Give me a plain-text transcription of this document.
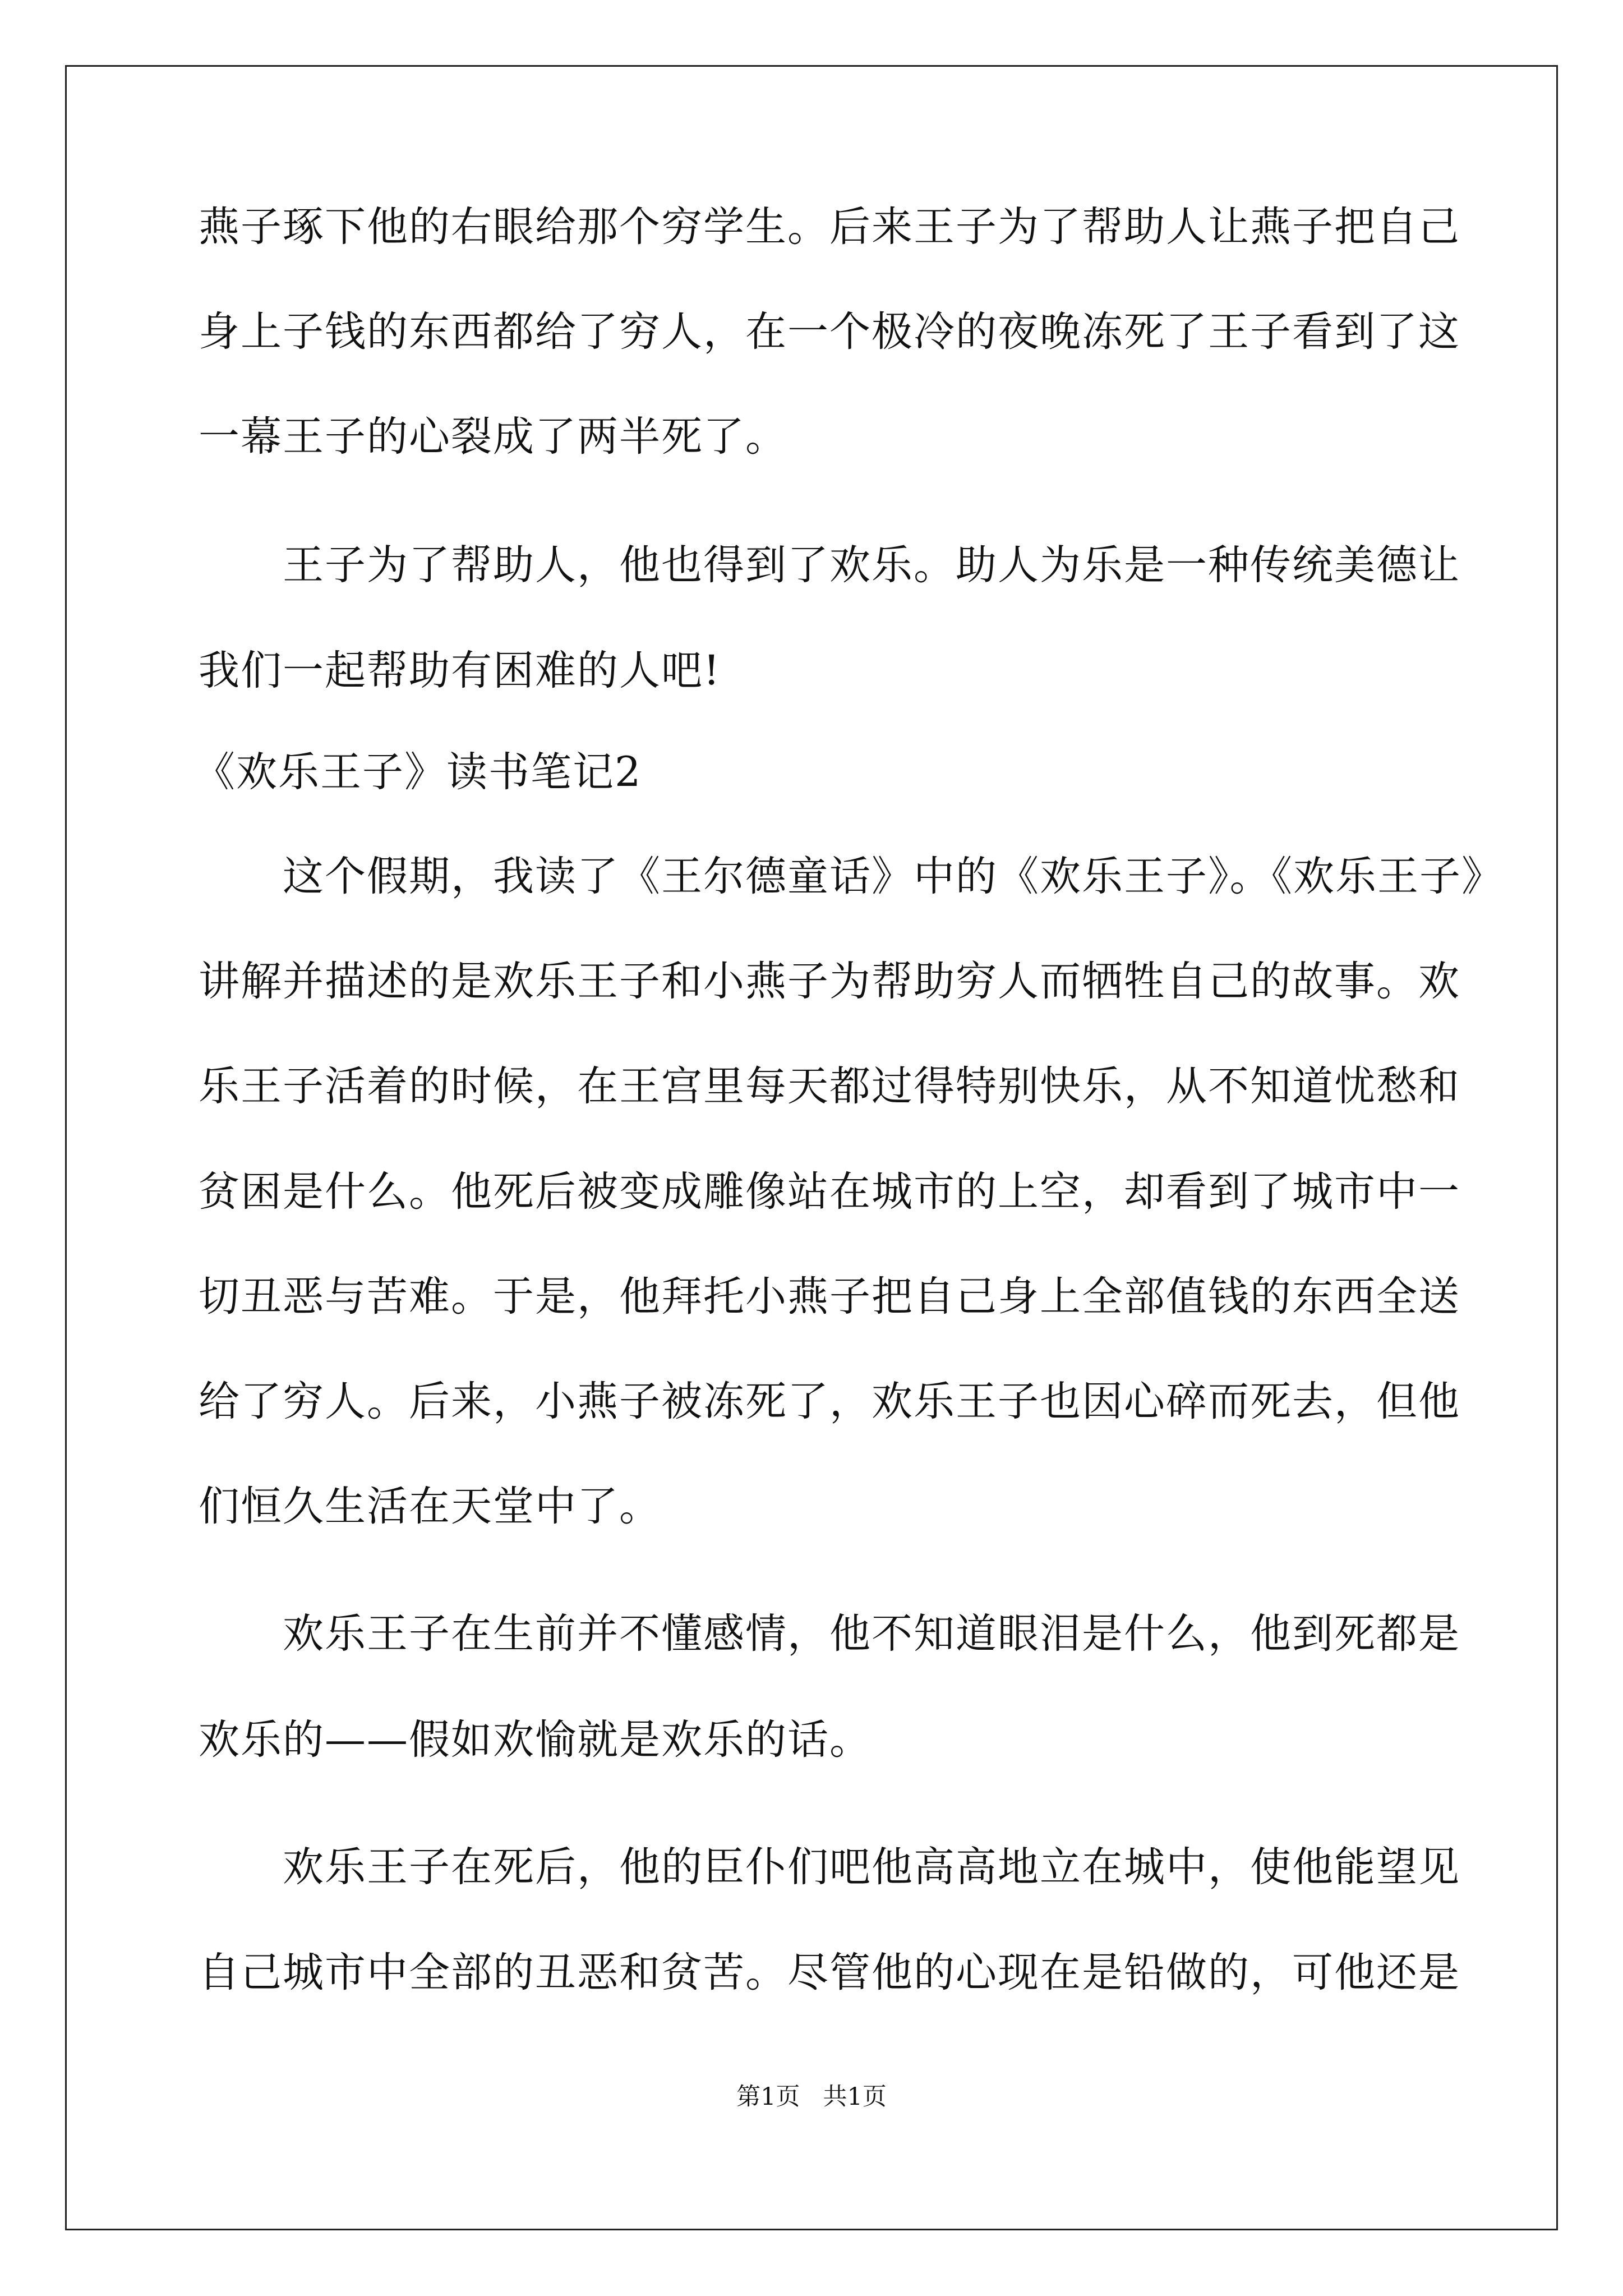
燕子琢下他的右眼给那个穷学生。后来王子为了帮助人让燕子把自己
身上子钱的东西都给了穷人，在一个极冷的夜晚冻死了王子看到了这
一幕王子的心裂成了两半死了。
王子为了帮助人，他也得到了欢乐。助人为乐是一种传统美德让
我们一起帮助有困难的人吧!
《欢乐王子》读书笔记2
这个假期，我读了《王尔德童话》中的《欢乐王子》。《欢乐王子》
讲解并描述的是欢乐王子和小燕子为帮助穷人而牺牲自己的故事。欢
乐王子活着的时候，在王宫里每天都过得特别快乐，从不知道忧愁和
贫困是什么。他死后被变成雕像站在城市的上空，却看到了城市中一
切丑恶与苦难。于是，他拜托小燕子把自己身上全部值钱的东西全送
给了穷人。后来，小燕子被冻死了，欢乐王子也因心碎而死去，但他
们恒久生活在天堂中了。
欢乐王子在生前并不懂感情，他不知道眼泪是什么，他到死都是
欢乐的——假如欢愉就是欢乐的话。
欢乐王子在死后，他的臣仆们吧他高高地立在城中，使他能望见
自己城市中全部的丑恶和贫苦。尽管他的心现在是铅做的，可他还是
第1页   共1页
